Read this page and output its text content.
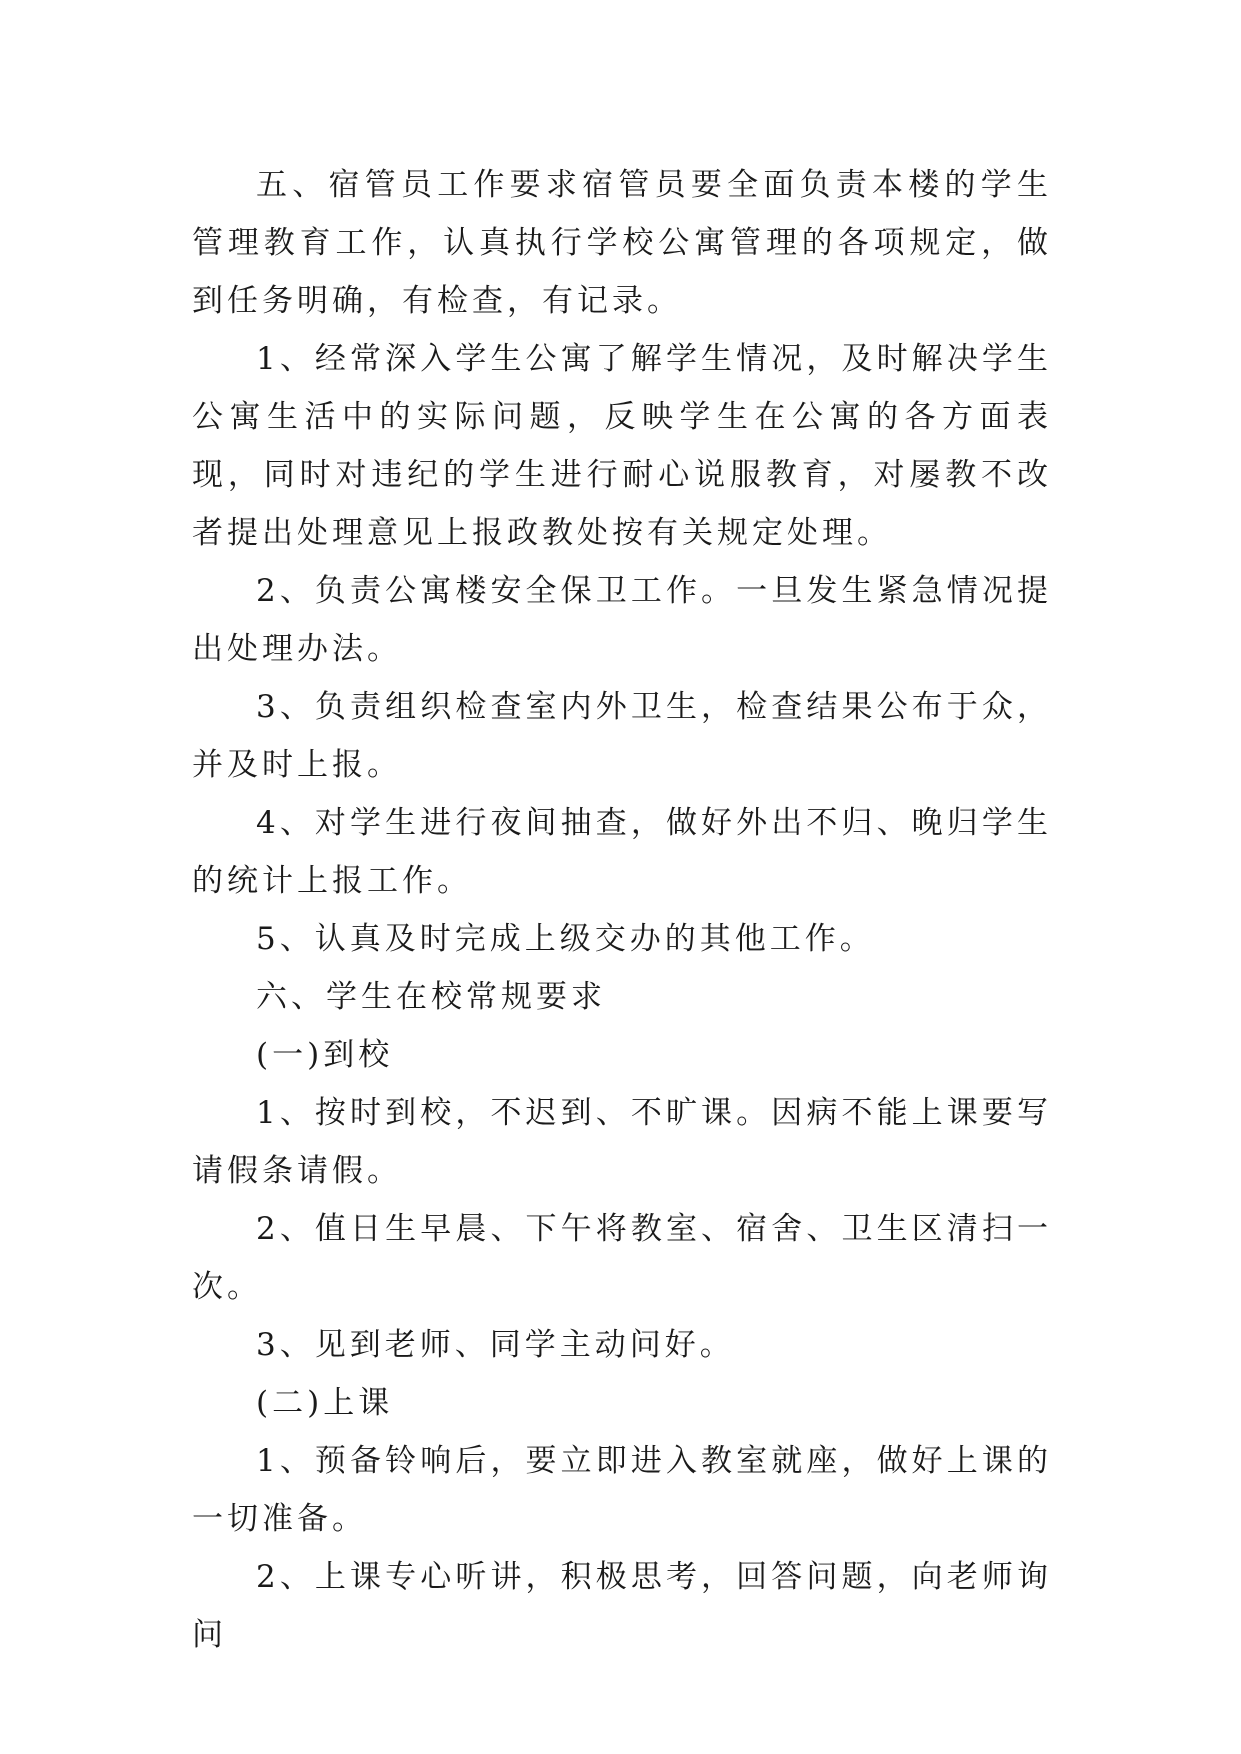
五、宿管员工作要求宿管员要全面负责本楼的学生管理教育工作，认真执行学校公寓管理的各项规定，做到任务明确，有检查，有记录。

1、经常深入学生公寓了解学生情况，及时解决学生公寓生活中的实际问题，反映学生在公寓的各方面表现，同时对违纪的学生进行耐心说服教育，对屡教不改者提出处理意见上报政教处按有关规定处理。

2、负责公寓楼安全保卫工作。一旦发生紧急情况提出处理办法。

3、负责组织检查室内外卫生，检查结果公布于众，并及时上报。

4、对学生进行夜间抽查，做好外出不归、晚归学生的统计上报工作。

5、认真及时完成上级交办的其他工作。

六、学生在校常规要求

(一)到校

1、按时到校，不迟到、不旷课。因病不能上课要写请假条请假。

2、值日生早晨、下午将教室、宿舍、卫生区清扫一次。

3、见到老师、同学主动问好。

(二)上课

1、预备铃响后，要立即进入教室就座，做好上课的一切准备。

2、上课专心听讲，积极思考，回答问题，向老师询问
